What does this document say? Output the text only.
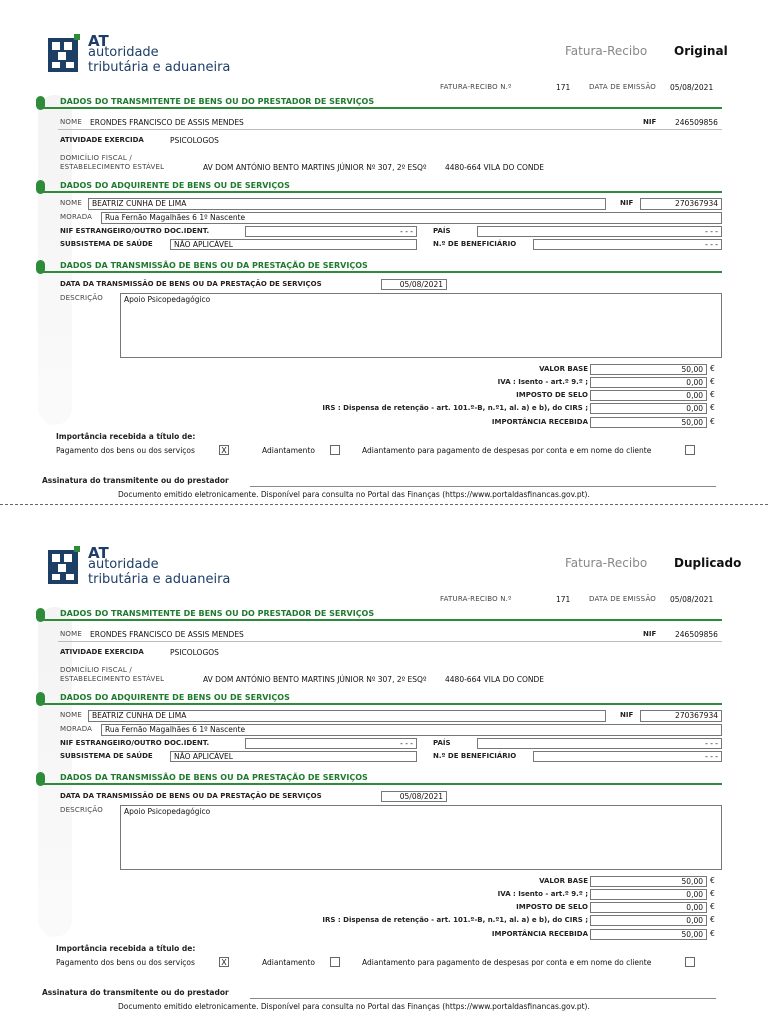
AT
autoridade
tributária e aduaneira
Fatura-Recibo Original
FATURA-RECIBO N.º	171	DATA DE EMISSÃO 05/08/2021
DADOS DO TRANSMITENTE DE BENS OU DO PRESTADOR DE SERVIÇOS
NOME ERONDES FRANCISCO DE ASSIS MENDES	NIF	246509856
ATIVIDADE EXERCIDA	PSICOLOGOS
DOMICÍLIO FISCAL /
ESTABELECIMENTO ESTÁVEL	AV DOM ANTÓNIO BENTO MARTINS JÚNIOR Nº 307, 2º ESQº 4480-664 VILA DO CONDE
DADOS DO ADQUIRENTE DE BENS OU DE SERVIÇOS
NOME	BEATRIZ CUNHA DE LIMA	NIF	270367934
MORADA	Rua Fernão Magalhães 6 1º Nascente
NIF ESTRANGEIRO/OUTRO DOC.IDENT.	- - -	PAÍS	- - -
SUBSISTEMA DE SAÚDE	NÃO APLICÁVEL	N.º DE BENEFICIÁRIO	- - -
DADOS DA TRANSMISSÃO DE BENS OU DA PRESTAÇÃO DE SERVIÇOS
DATA DA TRANSMISSÃO DE BENS OU DA PRESTAÇÃO DE SERVIÇOS	05/08/2021
DESCRIÇÃO	Apoio Psicopedagógico
VALOR BASE	50,00 €
IVA : Isento - art.º 9.º ;	0,00 €
IMPOSTO DE SELO	0,00 €
IRS : Dispensa de retenção - art. 101.º-B, n.º1, al. a) e b), do CIRS ;	0,00 €
IMPORTÂNCIA RECEBIDA	50,00 €
Importância recebida a título de:
Pagamento dos bens ou dos serviços	X	Adiantamento	Adiantamento para pagamento de despesas por conta e em nome do cliente
Assinatura do transmitente ou do prestador
Documento emitido eletronicamente. Disponível para consulta no Portal das Finanças (https://www.portaldasfinancas.gov.pt).
AT
autoridade
tributária e aduaneira
Fatura-Recibo Duplicado
FATURA-RECIBO N.º	171	DATA DE EMISSÃO 05/08/2021
DADOS DO TRANSMITENTE DE BENS OU DO PRESTADOR DE SERVIÇOS
NOME ERONDES FRANCISCO DE ASSIS MENDES	NIF	246509856
ATIVIDADE EXERCIDA	PSICOLOGOS
DOMICÍLIO FISCAL /
ESTABELECIMENTO ESTÁVEL	AV DOM ANTÓNIO BENTO MARTINS JÚNIOR Nº 307, 2º ESQº 4480-664 VILA DO CONDE
DADOS DO ADQUIRENTE DE BENS OU DE SERVIÇOS
NOME	BEATRIZ CUNHA DE LIMA	NIF	270367934
MORADA	Rua Fernão Magalhães 6 1º Nascente
NIF ESTRANGEIRO/OUTRO DOC.IDENT.	- - -	PAÍS	- - -
SUBSISTEMA DE SAÚDE	NÃO APLICÁVEL	N.º DE BENEFICIÁRIO	- - -
DADOS DA TRANSMISSÃO DE BENS OU DA PRESTAÇÃO DE SERVIÇOS
DATA DA TRANSMISSÃO DE BENS OU DA PRESTAÇÃO DE SERVIÇOS	05/08/2021
DESCRIÇÃO	Apoio Psicopedagógico
VALOR BASE	50,00 €
IVA : Isento - art.º 9.º ;	0,00 €
IMPOSTO DE SELO	0,00 €
IRS : Dispensa de retenção - art. 101.º-B, n.º1, al. a) e b), do CIRS ;	0,00 €
IMPORTÂNCIA RECEBIDA	50,00 €
Importância recebida a título de:
Pagamento dos bens ou dos serviços	X	Adiantamento	Adiantamento para pagamento de despesas por conta e em nome do cliente
Assinatura do transmitente ou do prestador
Documento emitido eletronicamente. Disponível para consulta no Portal das Finanças (https://www.portaldasfinancas.gov.pt).
